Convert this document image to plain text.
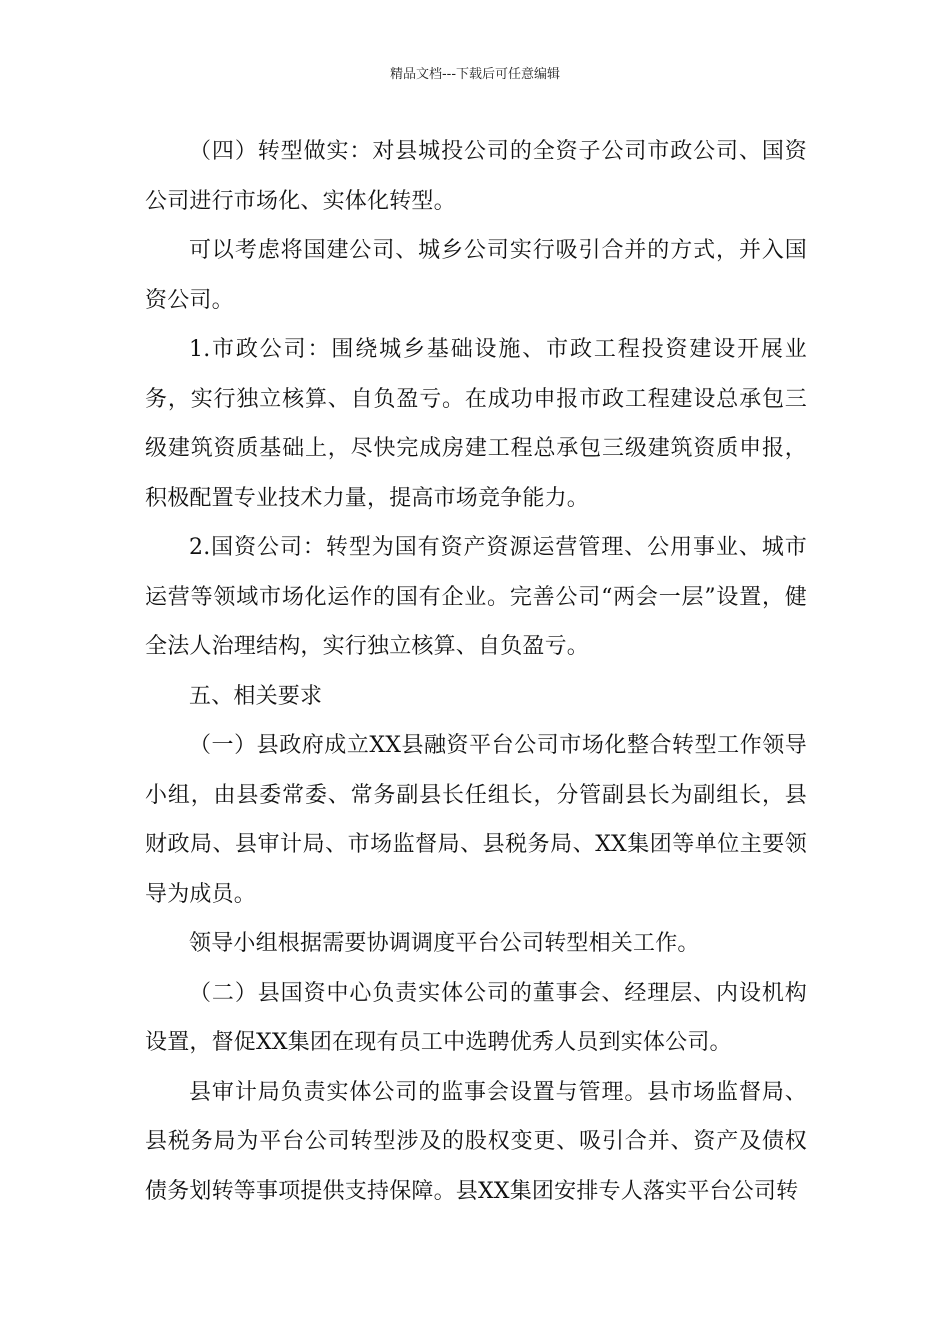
精品文档---下载后可任意编辑

（四）转型做实：对县城投公司的全资子公司市政公司、国资公司进行市场化、实体化转型。

可以考虑将国建公司、城乡公司实行吸引合并的方式，并入国资公司。

1.市政公司：围绕城乡基础设施、市政工程投资建设开展业务，实行独立核算、自负盈亏。在成功申报市政工程建设总承包三级建筑资质基础上，尽快完成房建工程总承包三级建筑资质申报，积极配置专业技术力量，提高市场竞争能力。

2.国资公司：转型为国有资产资源运营管理、公用事业、城市运营等领域市场化运作的国有企业。完善公司“两会一层”设置，健全法人治理结构，实行独立核算、自负盈亏。

五、相关要求

（一）县政府成立XX县融资平台公司市场化整合转型工作领导小组，由县委常委、常务副县长任组长，分管副县长为副组长，县财政局、县审计局、市场监督局、县税务局、XX集团等单位主要领导为成员。

领导小组根据需要协调调度平台公司转型相关工作。

（二）县国资中心负责实体公司的董事会、经理层、内设机构设置，督促XX集团在现有员工中选聘优秀人员到实体公司。

县审计局负责实体公司的监事会设置与管理。县市场监督局、县税务局为平台公司转型涉及的股权变更、吸引合并、资产及债权债务划转等事项提供支持保障。县XX集团安排专人落实平台公司转
